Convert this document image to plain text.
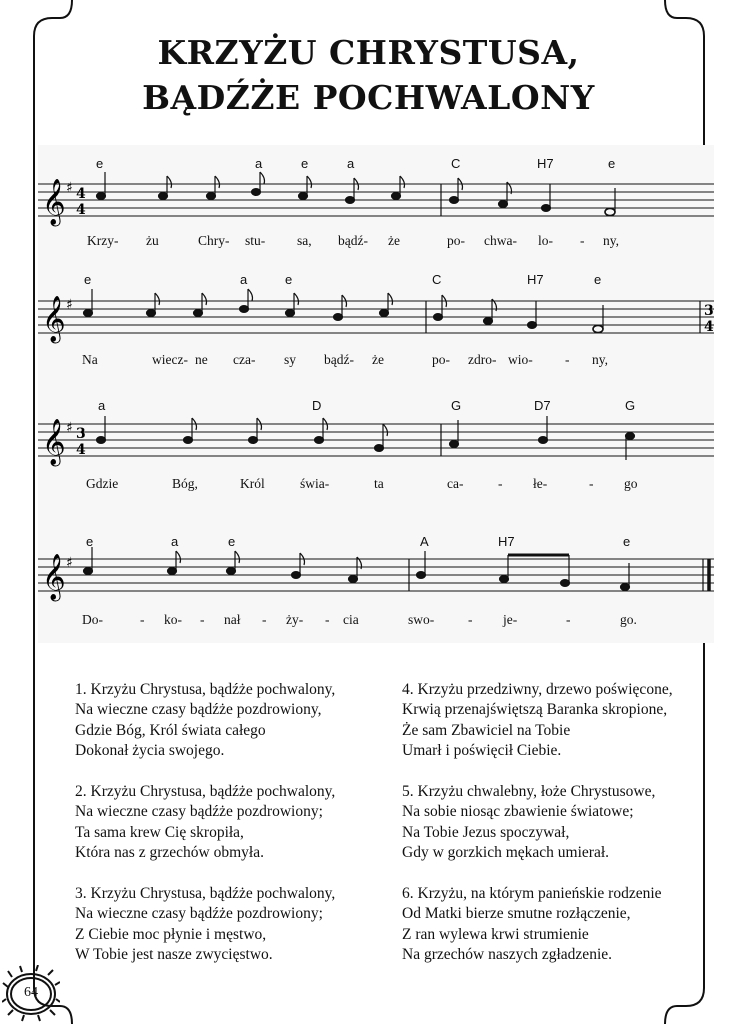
KRZYŻU CHRYSTUSA,
BĄDŹŻE POCHWALONY
e	a	e	a	C	H7	e
𝄞 ♯ 4
4
Krzy- żu	Chry- stu- sa, bądź- że	po- chwa- lo-	ny,
-
e	a	e	C	H7	e
𝄞 ♯	3
4
Na	wiecz- ne cza- sy bądź- że	po- zdro- wio-	ny,
-
a	D	G	D7	G
𝄞 ♯ 3
4
Gdzie	Bóg,	Król	świa-	ta	ca-	łe-	go
-	-
e	a	e	A	H7	e
𝄞 ♯
Do-	ko-	nał	ży-	cia	swo-	je-	go.
-	-	-	-	-	-
1. Krzyżu Chrystusa, bądźże pochwalony,
Na wieczne czasy bądźże pozdrowiony,
Gdzie Bóg, Król świata całego
Dokonał życia swojego.
2. Krzyżu Chrystusa, bądźże pochwalony,
Na wieczne czasy bądźże pozdrowiony;
Ta sama krew Cię skropiła,
Która nas z grzechów obmyła.
3. Krzyżu Chrystusa, bądźże pochwalony,
Na wieczne czasy bądźże pozdrowiony;
Z Ciebie moc płynie i męstwo,
W Tobie jest nasze zwycięstwo.
4. Krzyżu przedziwny, drzewo poświęcone,
Krwią przenajświętszą Baranka skropione,
Że sam Zbawiciel na Tobie
Umarł i poświęcił Ciebie.
5. Krzyżu chwalebny, łoże Chrystusowe,
Na sobie niosąc zbawienie światowe;
Na Tobie Jezus spoczywał,
Gdy w gorzkich mękach umierał.
6. Krzyżu, na którym panieńskie rodzenie
Od Matki bierze smutne rozłączenie,
Z ran wylewa krwi strumienie
Na grzechów naszych zgładzenie.
64
